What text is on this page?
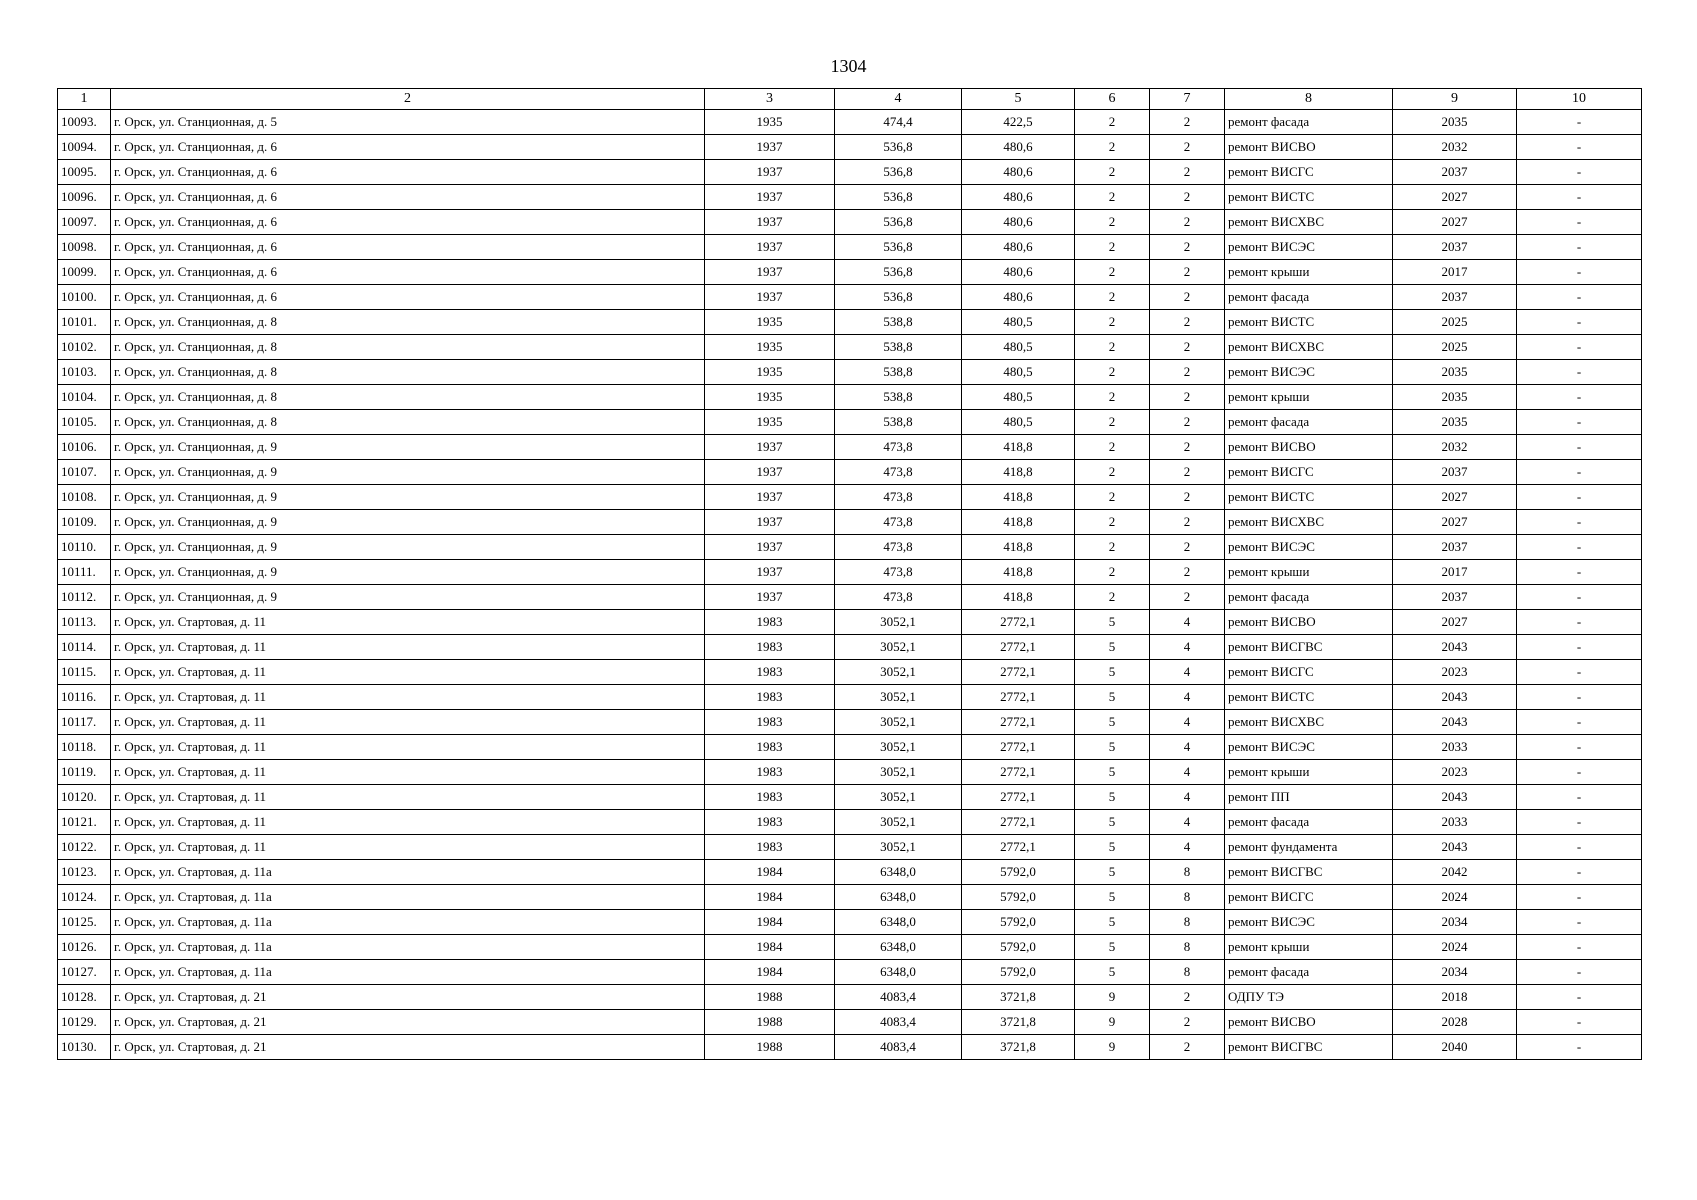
1304
1	2	3	4	5	6	7	8	9	10
10093.	г. Орск, ул. Станционная, д. 5	1935	474,4	422,5	2	2	ремонт фасада	2035	-
10094.	г. Орск, ул. Станционная, д. 6	1937	536,8	480,6	2	2	ремонт ВИСВО	2032	-
10095.	г. Орск, ул. Станционная, д. 6	1937	536,8	480,6	2	2	ремонт ВИСГС	2037	-
10096.	г. Орск, ул. Станционная, д. 6	1937	536,8	480,6	2	2	ремонт ВИСТС	2027	-
10097.	г. Орск, ул. Станционная, д. 6	1937	536,8	480,6	2	2	ремонт ВИСХВС	2027	-
10098.	г. Орск, ул. Станционная, д. 6	1937	536,8	480,6	2	2	ремонт ВИСЭС	2037	-
10099.	г. Орск, ул. Станционная, д. 6	1937	536,8	480,6	2	2	ремонт крыши	2017	-
10100.	г. Орск, ул. Станционная, д. 6	1937	536,8	480,6	2	2	ремонт фасада	2037	-
10101.	г. Орск, ул. Станционная, д. 8	1935	538,8	480,5	2	2	ремонт ВИСТС	2025	-
10102.	г. Орск, ул. Станционная, д. 8	1935	538,8	480,5	2	2	ремонт ВИСХВС	2025	-
10103.	г. Орск, ул. Станционная, д. 8	1935	538,8	480,5	2	2	ремонт ВИСЭС	2035	-
10104.	г. Орск, ул. Станционная, д. 8	1935	538,8	480,5	2	2	ремонт крыши	2035	-
10105.	г. Орск, ул. Станционная, д. 8	1935	538,8	480,5	2	2	ремонт фасада	2035	-
10106.	г. Орск, ул. Станционная, д. 9	1937	473,8	418,8	2	2	ремонт ВИСВО	2032	-
10107.	г. Орск, ул. Станционная, д. 9	1937	473,8	418,8	2	2	ремонт ВИСГС	2037	-
10108.	г. Орск, ул. Станционная, д. 9	1937	473,8	418,8	2	2	ремонт ВИСТС	2027	-
10109.	г. Орск, ул. Станционная, д. 9	1937	473,8	418,8	2	2	ремонт ВИСХВС	2027	-
10110.	г. Орск, ул. Станционная, д. 9	1937	473,8	418,8	2	2	ремонт ВИСЭС	2037	-
10111.	г. Орск, ул. Станционная, д. 9	1937	473,8	418,8	2	2	ремонт крыши	2017	-
10112.	г. Орск, ул. Станционная, д. 9	1937	473,8	418,8	2	2	ремонт фасада	2037	-
10113.	г. Орск, ул. Стартовая, д. 11	1983	3052,1	2772,1	5	4	ремонт ВИСВО	2027	-
10114.	г. Орск, ул. Стартовая, д. 11	1983	3052,1	2772,1	5	4	ремонт ВИСГВС	2043	-
10115.	г. Орск, ул. Стартовая, д. 11	1983	3052,1	2772,1	5	4	ремонт ВИСГС	2023	-
10116.	г. Орск, ул. Стартовая, д. 11	1983	3052,1	2772,1	5	4	ремонт ВИСТС	2043	-
10117.	г. Орск, ул. Стартовая, д. 11	1983	3052,1	2772,1	5	4	ремонт ВИСХВС	2043	-
10118.	г. Орск, ул. Стартовая, д. 11	1983	3052,1	2772,1	5	4	ремонт ВИСЭС	2033	-
10119.	г. Орск, ул. Стартовая, д. 11	1983	3052,1	2772,1	5	4	ремонт крыши	2023	-
10120.	г. Орск, ул. Стартовая, д. 11	1983	3052,1	2772,1	5	4	ремонт ПП	2043	-
10121.	г. Орск, ул. Стартовая, д. 11	1983	3052,1	2772,1	5	4	ремонт фасада	2033	-
10122.	г. Орск, ул. Стартовая, д. 11	1983	3052,1	2772,1	5	4	ремонт фундамента	2043	-
10123.	г. Орск, ул. Стартовая, д. 11а	1984	6348,0	5792,0	5	8	ремонт ВИСГВС	2042	-
10124.	г. Орск, ул. Стартовая, д. 11а	1984	6348,0	5792,0	5	8	ремонт ВИСГС	2024	-
10125.	г. Орск, ул. Стартовая, д. 11а	1984	6348,0	5792,0	5	8	ремонт ВИСЭС	2034	-
10126.	г. Орск, ул. Стартовая, д. 11а	1984	6348,0	5792,0	5	8	ремонт крыши	2024	-
10127.	г. Орск, ул. Стартовая, д. 11а	1984	6348,0	5792,0	5	8	ремонт фасада	2034	-
10128.	г. Орск, ул. Стартовая, д. 21	1988	4083,4	3721,8	9	2	ОДПУ ТЭ	2018	-
10129.	г. Орск, ул. Стартовая, д. 21	1988	4083,4	3721,8	9	2	ремонт ВИСВО	2028	-
10130.	г. Орск, ул. Стартовая, д. 21	1988	4083,4	3721,8	9	2	ремонт ВИСГВС	2040	-
